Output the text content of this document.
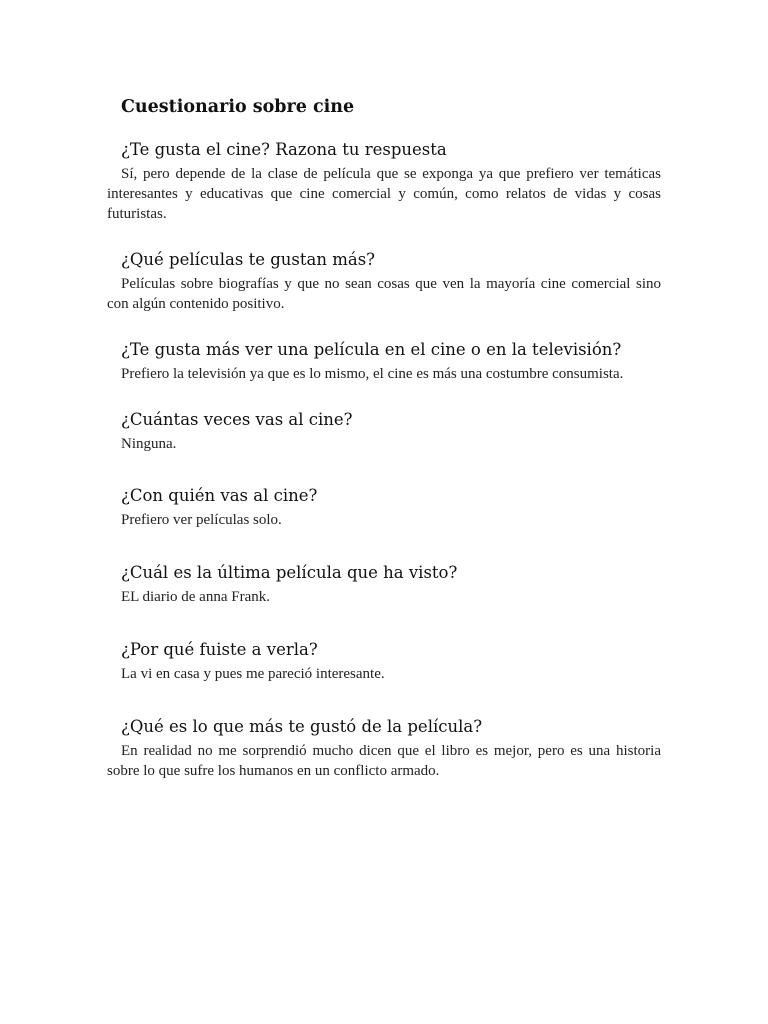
Cuestionario sobre cine
¿Te gusta el cine? Razona tu respuesta

Sí, pero depende de la clase de película que se exponga ya que prefiero ver temáticas interesantes y educativas que cine comercial y común, como relatos de vidas y cosas futuristas.

¿Qué películas te gustan más?

Películas sobre biografías y que no sean cosas que ven la mayoría cine comercial sino con algún contenido positivo.

¿Te gusta más ver una película en el cine o en la televisión?

Prefiero la televisión ya que es lo mismo, el cine es más una costumbre consumista.

¿Cuántas veces vas al cine?

Ninguna.

¿Con quién vas al cine?

Prefiero ver películas solo.

¿Cuál es la última película que ha visto?

EL diario de anna Frank.

¿Por qué fuiste a verla?

La vi en casa y pues me pareció interesante.

¿Qué es lo que más te gustó de la película?

En realidad no me sorprendió mucho dicen que el libro es mejor, pero es una historia sobre lo que sufre los humanos en un conflicto armado.
